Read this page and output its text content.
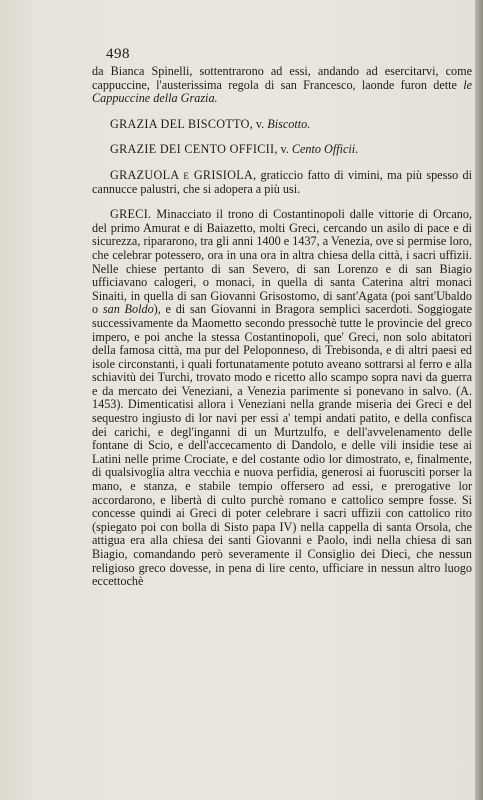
498

da Bianca Spinelli, sottentrarono ad essi, andando ad esercitarvi, come cappuccine, l'austerissima regola di san Francesco, laonde furon dette le Cappuccine della Grazia.

GRAZIA DEL BISCOTTO, v. Biscotto.

GRAZIE DEI CENTO OFFICII, v. Cento Officii.

GRAZUOLA e GRISIOLA, graticcio fatto di vimini, ma più spesso di cannucce palustri, che si adopera a più usi.

GRECI. Minacciato il trono di Costantinopoli dalle vittorie di Orcano, del primo Amurat e di Baiazetto, molti Greci, cercando un asilo di pace e di sicurezza, ripararono, tra gli anni 1400 e 1437, a Venezia, ove si permise loro, che celebrar potessero, ora in una ora in altra chiesa della città, i sacri uffizii. Nelle chiese pertanto di san Severo, di san Lorenzo e di san Biagio ufficiavano calogeri, o monaci, in quella di santa Caterina altri monaci Sinaiti, in quella di san Giovanni Grisostomo, di sant'Agata (poi sant'Ubaldo o san Boldo), e di san Giovanni in Bragora semplici sacerdoti. Soggiogate successivamente da Maometto secondo pressochè tutte le provincie del greco impero, e poi anche la stessa Costantinopoli, que' Greci, non solo abitatori della famosa città, ma pur del Peloponneso, di Trebisonda, e di altri paesi ed isole circonstanti, i quali fortunatamente potuto aveano sottrarsi al ferro e alla schiavitù dei Turchi, trovato modo e ricetto allo scampo sopra navi da guerra e da mercato dei Veneziani, a Venezia parimente si ponevano in salvo. (A. 1453). Dimenticatisi allora i Veneziani nella grande miseria dei Greci e del sequestro ingiusto di lor navi per essi a' tempi andati patito, e della confisca dei carichi, e degl'inganni di un Murtzulfo, e dell'avvelenamento delle fontane di Scio, e dell'accecamento di Dandolo, e delle vili insidie tese ai Latini nelle prime Crociate, e del costante odio lor dimostrato, e, finalmente, di qualsivoglia altra vecchia e nuova perfidia, generosi ai fuorusciti porser la mano, e stanza, e stabile tempio offersero ad essi, e prerogative lor accordarono, e libertà di culto purchè romano e cattolico sempre fosse. Si concesse quindi ai Greci di poter celebrare i sacri uffizii con cattolico rito (spiegato poi con bolla di Sisto papa IV) nella cappella di santa Orsola, che attigua era alla chiesa dei santi Giovanni e Paolo, indi nella chiesa di san Biagio, comandando però severamente il Consiglio dei Dieci, che nessun religioso greco dovesse, in pena di lire cento, ufficiare in nessun altro luogo eccettochè
